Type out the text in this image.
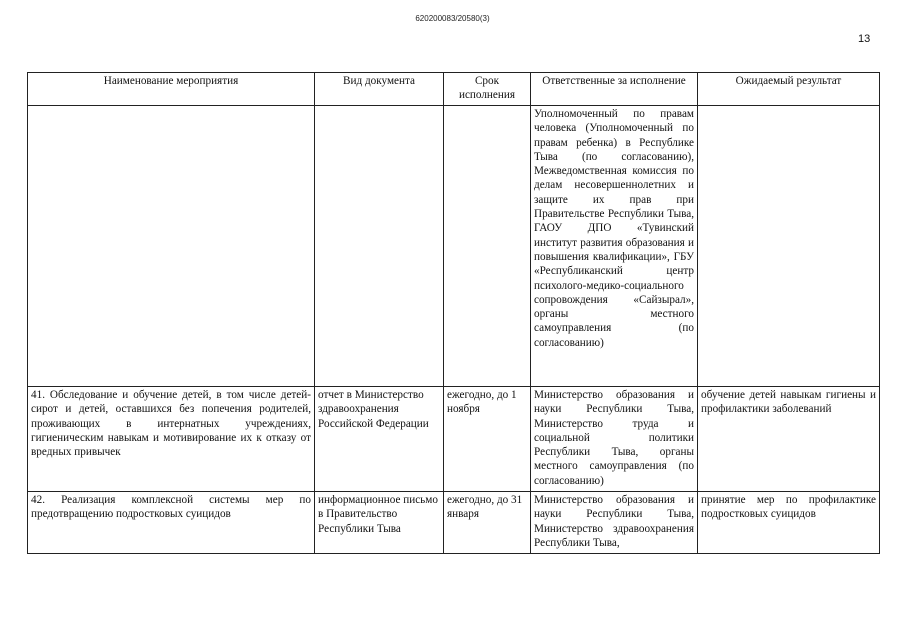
620200083/20580(3)
13
Наименование мероприятия	Вид документа	Срок исполнения	Ответственные за исполнение	Ожидаемый результат
			Уполномоченный по правам человека (Уполномоченный по правам ребенка) в Республике Тыва (по согласованию), Межведомственная комиссия по делам несовершеннолетних и защите их прав при Правительстве Республики Тыва, ГАОУ ДПО «Тувинский институт развития образования и повышения квалификации», ГБУ «Республиканский центр психолого-медико-социального сопровождения «Сайзырал», органы местного самоуправления (по согласованию)	
41. Обследование и обучение детей, в том числе детей-сирот и детей, оставшихся без попечения родителей, проживающих в интернатных учреждениях, гигиеническим навыкам и мотивирование их к отказу от вредных привычек	отчет в Министерство здравоохранения Российской Федерации	ежегодно, до 1 ноября	Министерство образования и науки Республики Тыва, Министерство труда и социальной политики Республики Тыва, органы местного самоуправления (по согласованию)	обучение детей навыкам гигиены и профилактики заболеваний
42. Реализация комплексной системы мер по предотвращению подростковых суицидов	информационное письмо в Правительство Республики Тыва	ежегодно, до 31 января	Министерство образования и науки Республики Тыва, Министерство здравоохранения Республики Тыва,	принятие мер по профилактике подростковых суицидов
